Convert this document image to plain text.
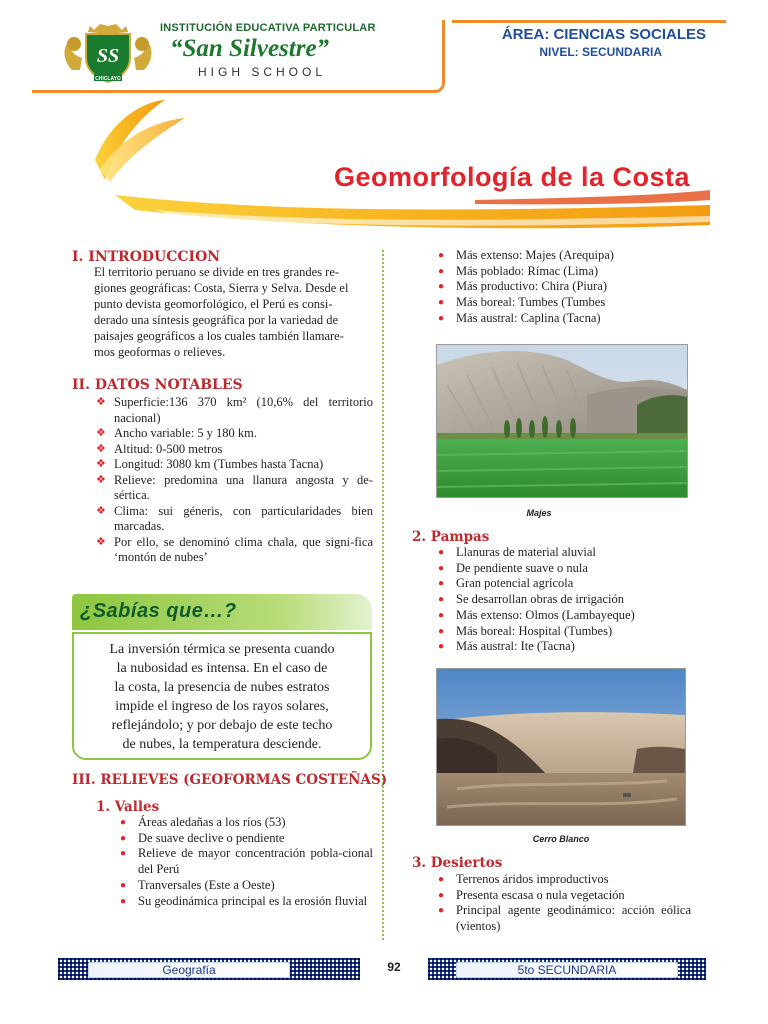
CHICLAYO
SS
INSTITUCIÓN EDUCATIVA PARTICULAR
“San Silvestre”
HIGH SCHOOL
ÁREA: CIENCIAS SOCIALES
NIVEL: SECUNDARIA
Geomorfología de la Costa
I. INTRODUCCION
El territorio peruano se divide en tres grandes re-
giones geográficas: Costa, Sierra y Selva. Desde el
punto devista geomorfológico, el Perú es consi-
derado una síntesis geográfica por la variedad de
paisajes geográficos a los cuales también llamare-
mos geoformas o relieves.
II. DATOS NOTABLES
❖ Superficie:136 370 km² (10,6% del territorio nacional)
❖ Ancho variable: 5 y 180 km.
❖ Altitud: 0-500 metros
❖ Longitud: 3080 km (Tumbes hasta Tacna)
❖ Relieve: predomina una llanura angosta y de-sértica.
❖ Clima: sui géneris, con particularidades bien marcadas.
❖ Por ello, se denominó clima chala, que signi-fica ‘montón de nubes’
¿Sabías que…?
La inversión térmica se presenta cuando
la nubosidad es intensa. En el caso de
la costa, la presencia de nubes estratos
impide el ingreso de los rayos solares,
reflejándolo; y por debajo de este techo
de nubes, la temperatura desciende.
III. RELIEVES (GEOFORMAS COSTEÑAS)
1. Valles
● Áreas aledañas a los ríos (53)
● De suave declive o pendiente
● Relieve de mayor concentración pobla-cional del Perú
● Tranversales (Este a Oeste)
● Su geodinámica principal es la erosión fluvial
● Más extenso: Majes (Arequipa)
● Más poblado: Rímac (Lima)
● Más productivo: Chira (Piura)
● Más boreal: Tumbes (Tumbes
● Más austral: Caplina (Tacna)
Majes
2. Pampas
● Llanuras de material aluvial
● De pendiente suave o nula
● Gran potencial agrícola
● Se desarrollan obras de irrigación
● Más extenso: Olmos (Lambayeque)
● Más boreal: Hospital (Tumbes)
● Más austral: Ite (Tacna)
Cerro Blanco
3. Desiertos
● Terrenos áridos improductivos
● Presenta escasa o nula vegetación
● Principal agente geodinámico: acción eólica (vientos)
Geografía	5to SECUNDARIA
92
